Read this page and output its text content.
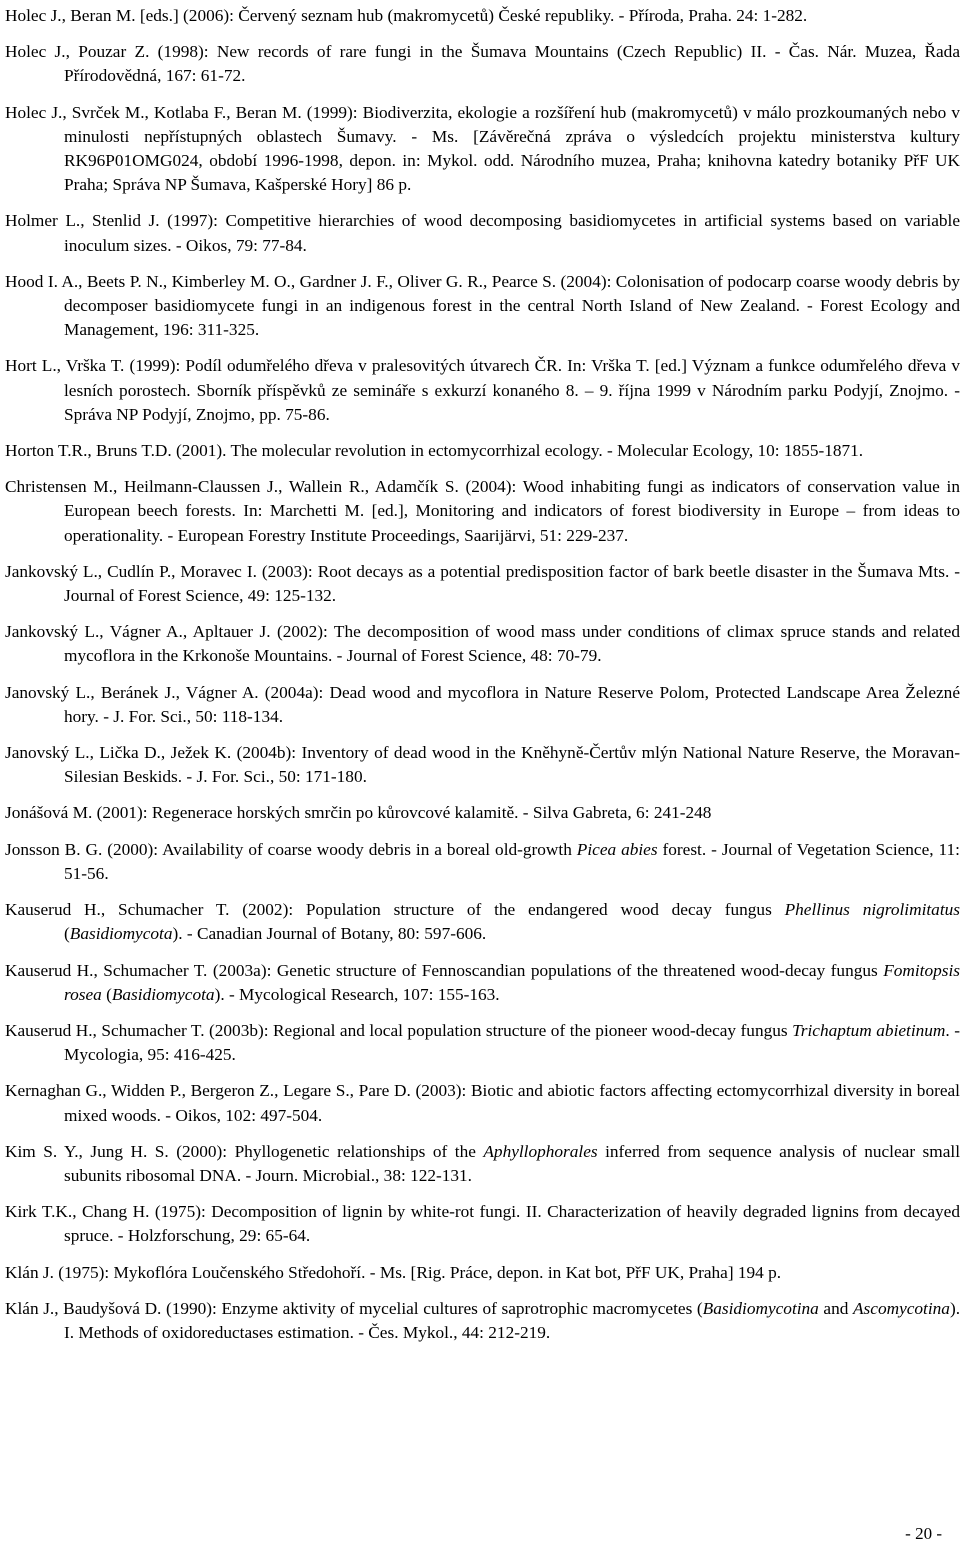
Holec J., Beran M. [eds.] (2006): Červený seznam hub (makromycetů) České republiky. - Příroda, Praha. 24: 1-282.
Holec J., Pouzar Z. (1998): New records of rare fungi in the Šumava Mountains (Czech Republic) II. - Čas. Nár. Muzea, Řada Přírodovědná, 167: 61-72.
Holec J., Svrček M., Kotlaba F., Beran M. (1999): Biodiverzita, ekologie a rozšíření hub (makromycetů) v málo prozkoumaných nebo v minulosti nepřístupných oblastech Šumavy. - Ms. [Závěrečná zpráva o výsledcích projektu ministerstva kultury RK96P01OMG024, období 1996-1998, depon. in: Mykol. odd. Národního muzea, Praha; knihovna katedry botaniky PřF UK Praha; Správa NP Šumava, Kašperské Hory] 86 p.
Holmer L., Stenlid J. (1997): Competitive hierarchies of wood decomposing basidiomycetes in artificial systems based on variable inoculum sizes. - Oikos, 79: 77-84.
Hood I. A., Beets P. N., Kimberley M. O., Gardner J. F., Oliver G. R., Pearce S. (2004): Colonisation of podocarp coarse woody debris by decomposer basidiomycete fungi in an indigenous forest in the central North Island of New Zealand. - Forest Ecology and Management, 196: 311-325.
Hort L., Vrška T. (1999): Podíl odumřelého dřeva v pralesovitých útvarech ČR. In: Vrška T. [ed.] Význam a funkce odumřelého dřeva v lesních porostech. Sborník příspěvků ze semináře s exkurzí konaného 8. – 9. října 1999 v Národním parku Podyjí, Znojmo. - Správa NP Podyjí, Znojmo, pp. 75-86.
Horton T.R., Bruns T.D. (2001). The molecular revolution in ectomycorrhizal ecology. - Molecular Ecology, 10: 1855-1871.
Christensen M., Heilmann-Claussen J., Wallein R., Adamčík S. (2004): Wood inhabiting fungi as indicators of conservation value in European beech forests. In: Marchetti M. [ed.], Monitoring and indicators of forest biodiversity in Europe – from ideas to operationality. - European Forestry Institute Proceedings, Saarijärvi, 51: 229-237.
Jankovský L., Cudlín P., Moravec I. (2003): Root decays as a potential predisposition factor of bark beetle disaster in the Šumava Mts. - Journal of Forest Science, 49: 125-132.
Jankovský L., Vágner A., Apltauer J. (2002): The decomposition of wood mass under conditions of climax spruce stands and related mycoflora in the Krkonoše Mountains. - Journal of Forest Science, 48: 70-79.
Janovský L., Beránek J., Vágner A. (2004a): Dead wood and mycoflora in Nature Reserve Polom, Protected Landscape Area Železné hory. - J. For. Sci., 50: 118-134.
Janovský L., Lička D., Ježek K. (2004b): Inventory of dead wood in the Kněhyně-Čertův mlýn National Nature Reserve, the Moravan-Silesian Beskids. - J. For. Sci., 50: 171-180.
Jonášová M. (2001): Regenerace horských smrčin po kůrovcové kalamitě. - Silva Gabreta, 6: 241-248
Jonsson B. G. (2000): Availability of coarse woody debris in a boreal old-growth Picea abies forest. - Journal of Vegetation Science, 11: 51-56.
Kauserud H., Schumacher T. (2002): Population structure of the endangered wood decay fungus Phellinus nigrolimitatus (Basidiomycota). - Canadian Journal of Botany, 80: 597-606.
Kauserud H., Schumacher T. (2003a): Genetic structure of Fennoscandian populations of the threatened wood-decay fungus Fomitopsis rosea (Basidiomycota). - Mycological Research, 107: 155-163.
Kauserud H., Schumacher T. (2003b): Regional and local population structure of the pioneer wood-decay fungus Trichaptum abietinum. - Mycologia, 95: 416-425.
Kernaghan G., Widden P., Bergeron Z., Legare S., Pare D. (2003): Biotic and abiotic factors affecting ectomycorrhizal diversity in boreal mixed woods. - Oikos, 102: 497-504.
Kim S. Y., Jung H. S. (2000): Phyllogenetic relationships of the Aphyllophorales inferred from sequence analysis of nuclear small subunits ribosomal DNA. - Journ. Microbial., 38: 122-131.
Kirk T.K., Chang H. (1975): Decomposition of lignin by white-rot fungi. II. Characterization of heavily degraded lignins from decayed spruce. - Holzforschung, 29: 65-64.
Klán J. (1975): Mykoflóra Loučenského Středohoří. - Ms. [Rig. Práce, depon. in Kat bot, PřF UK, Praha] 194 p.
Klán J., Baudyšová D. (1990): Enzyme aktivity of mycelial cultures of saprotrophic macromycetes (Basidiomycotina and Ascomycotina). I. Methods of oxidoreductases estimation. - Čes. Mykol., 44: 212-219.
- 20 -
